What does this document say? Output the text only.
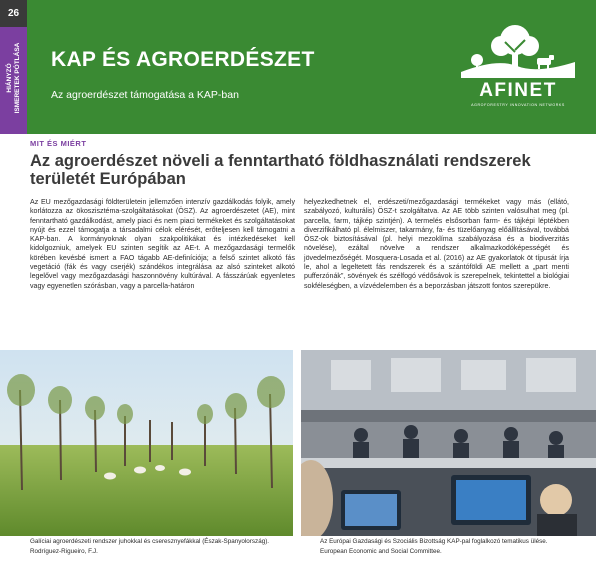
26
HIÁNYZÓ ISMERETEK PÓTLÁSA KAP ÉS AGROERDÉSZET
Az agroerdészet támogatása a KAP-ban	AFINET
AGROFORESTRY INNOVATION NETWORKS
MIT ÉS MIÉRT
Az agroerdészet növeli a fenntartható földhasználati rendszerek területét Európában
Az EU mezőgazdasági földterületein jellemzően intenzív gazdálkodás folyik, amely korlátozza az ökoszisztéma-szolgáltatásokat (ÖSZ). Az agroerdészetet (AE), mint fenntartható gazdálkodást, amely piaci és nem piaci termékeket és szolgáltatásokat nyújt és ezzel támogatja a társadalmi célok elérését, erőteljesen kell támogatni a KAP-ban. A kormányoknak olyan szakpolitikákat és intézkedéseket kell kidolgozniuk, amelyek EU szinten segítik az AE-t. A mezőgazdasági termelők körében kevésbé ismert a FAO tágabb AE-definíciója; a felső szintet alkotó fás vegetáció (fák és vagy cserjék) szándékos integrálása az alsó szinteket alkotó legelővel vagy mezőgazdasági haszonnövény kultúrával. A fásszárúak egyenletes vagy egyenetlen szórásban, vagy a parcella-határon
helyezkedhetnek el, erdészeti/mezőgazdasági termékeket vagy más (ellátó, szabályozó, kulturális) ÖSZ-t szolgáltatva. Az AE több szinten valósulhat meg (pl. parcella, farm, tájkép szintjén). A termelés elsősorban farm- és tájképi léptékben diverzifikálható pl. élelmiszer, takarmány, fa- és tüzelőanyag előállításával, továbbá ÖSZ-ok biztosításával (pl. helyi mezoklíma szabályozása és a biodiverzitás növelése), ezáltal növelve a rendszer alkalmazkodóképességét és jövedelmezőségét. Mosquera-Losada et al. (2016) az AE gyakorlatok öt típusát írja le, ahol a legeltetett fás rendszerek és a szántóföldi AE mellett a „part menti pufferzónák”, sövények és szélfogó védősávok is szerepelnek, tekintettel a biológiai sokféleségben, a vízvédelemben és a beporzásban játszott fontos szerepükre.
Galíciai agroerdészeti rendszer juhokkal és cseresznyefákkal (Észak-Spanyolország).
Rodríguez-Rigueiro, F.J.
Az Európai Gazdasági és Szociális Bizottság KAP-pal foglalkozó tematikus ülése.
European Economic and Social Committee.
